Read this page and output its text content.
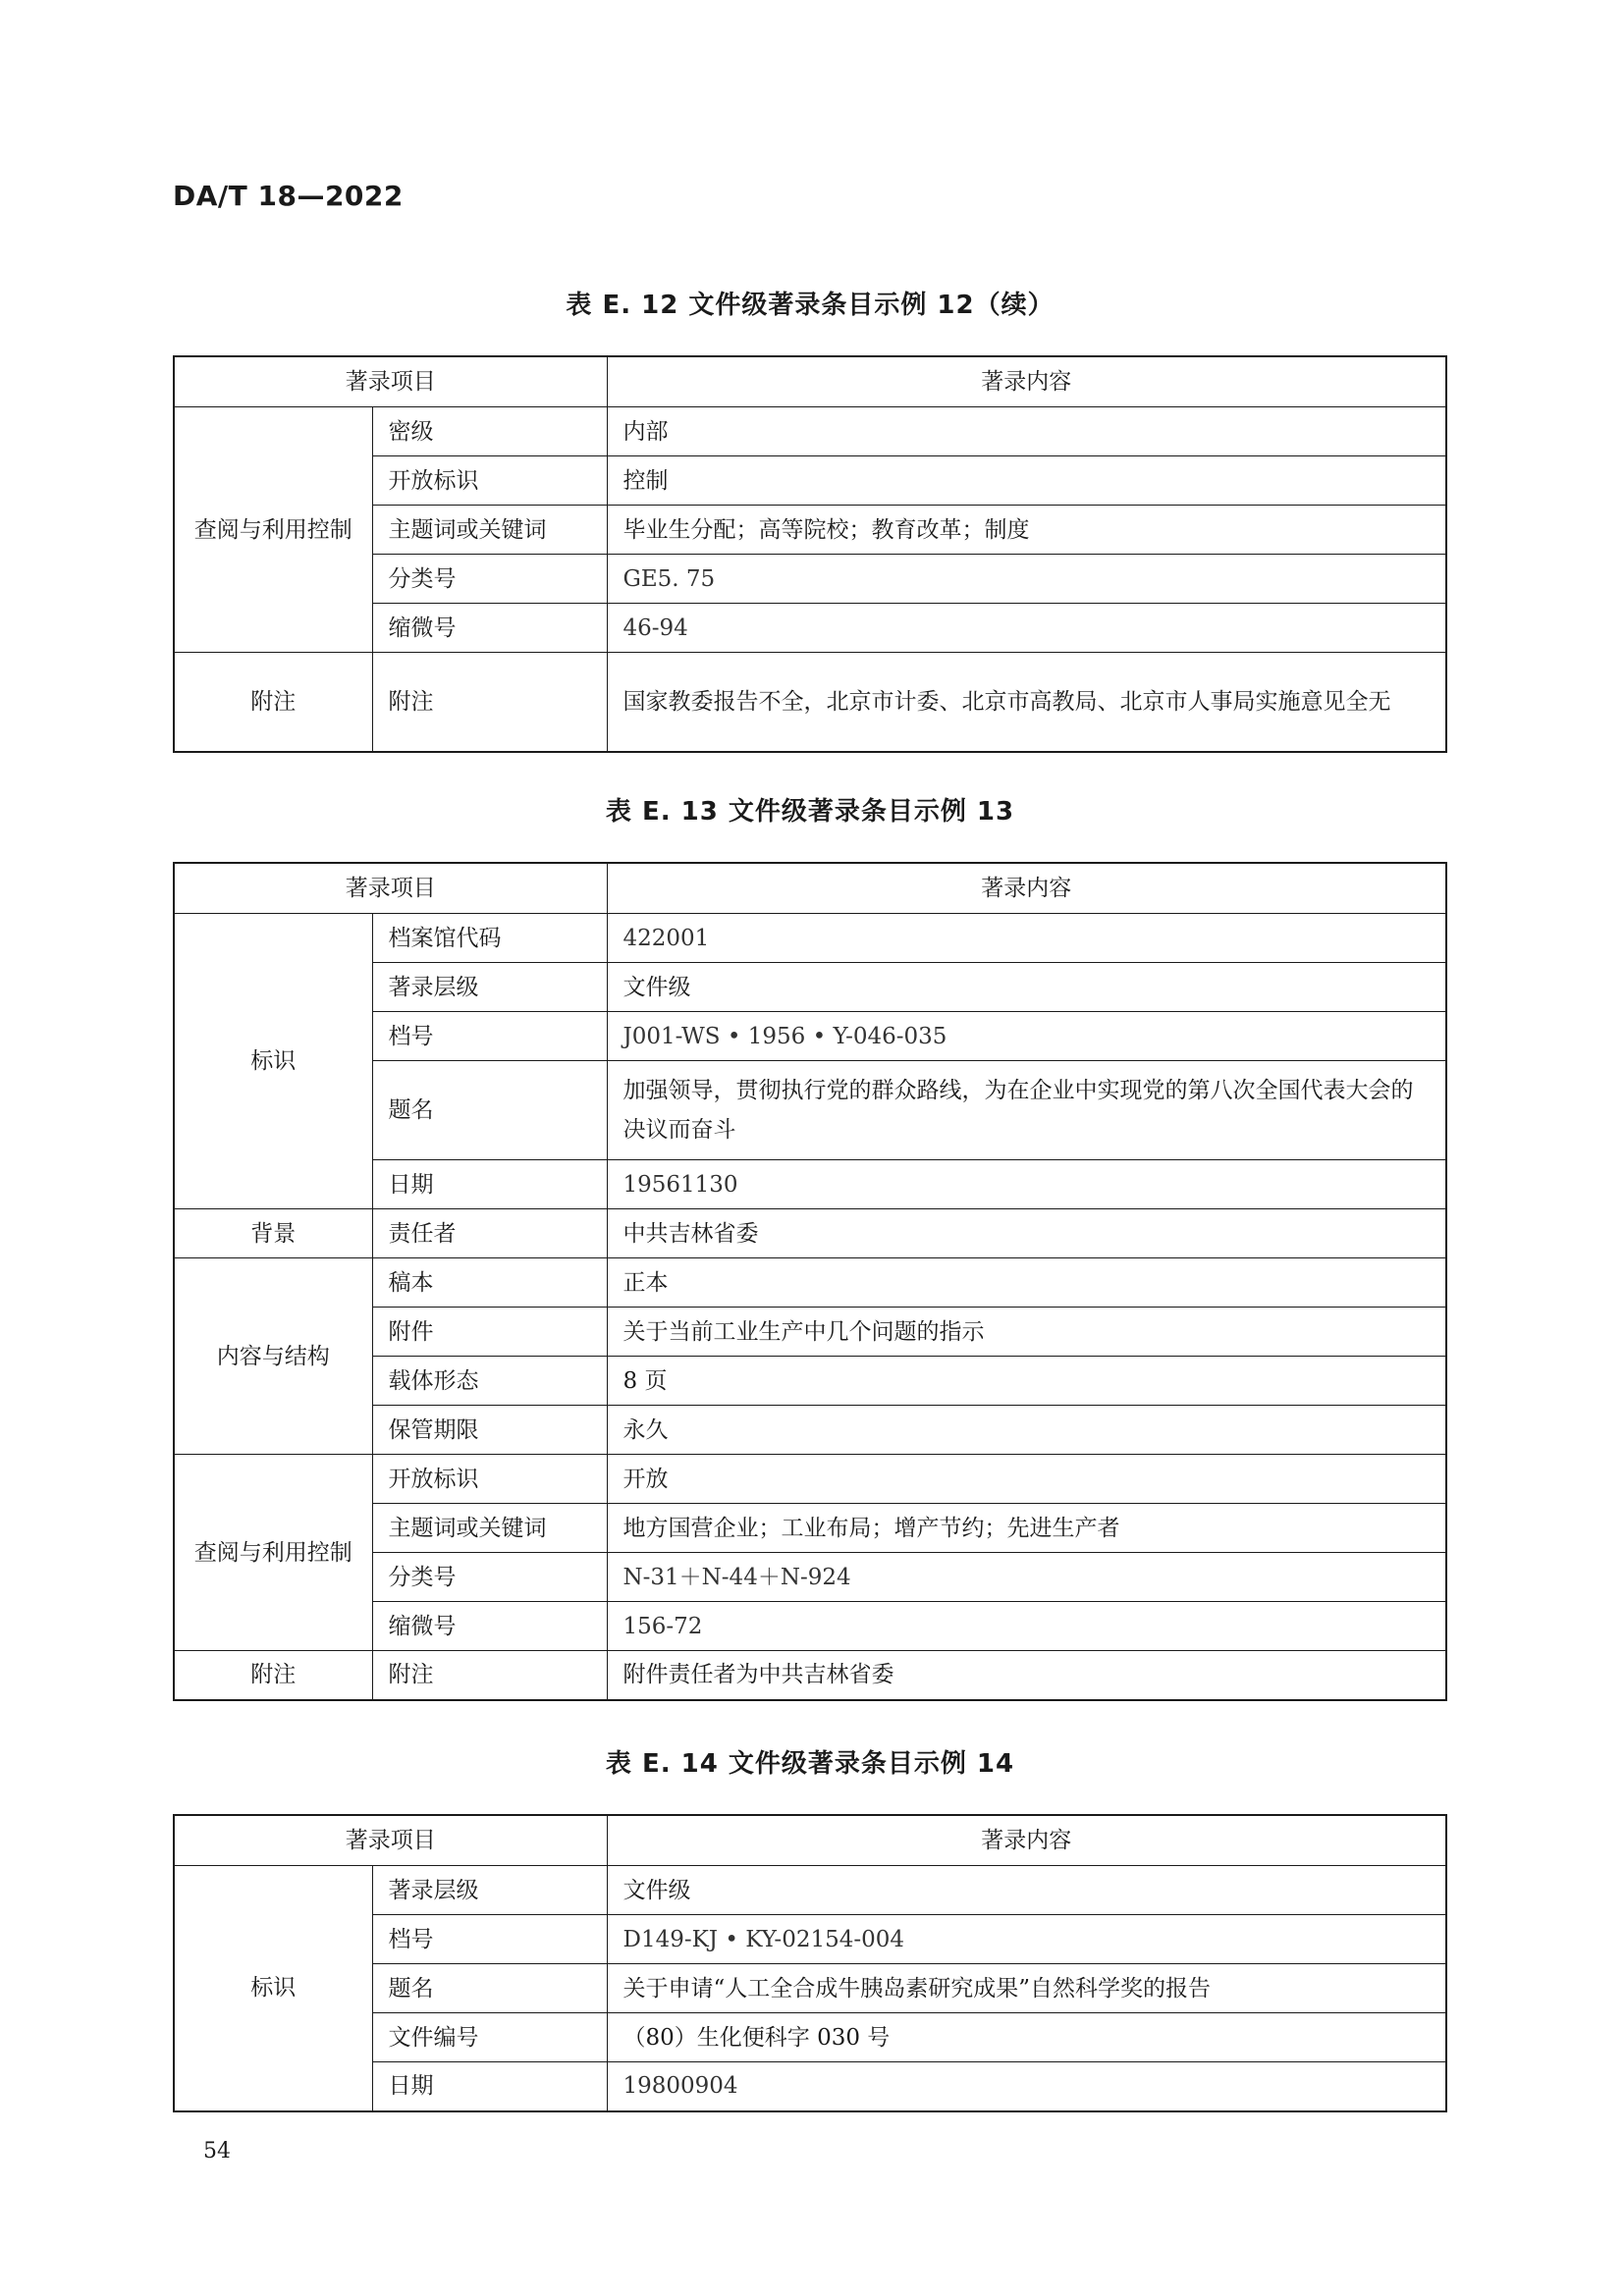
DA/T 18—2022
表 E. 12 文件级著录条目示例 12（续）
著录项目		著录内容
查阅与利用控制	密级	内部
	开放标识	控制
	主题词或关键词	毕业生分配；高等院校；教育改革；制度
	分类号	GE5. 75
	缩微号	46-94
附注	附注	国家教委报告不全，北京市计委、北京市高教局、北京市人事局实施意见全无
表 E. 13 文件级著录条目示例 13
著录项目		著录内容
标识	档案馆代码	422001
	著录层级	文件级
	档号	J001-WS • 1956 • Y-046-035
	题名	加强领导，贯彻执行党的群众路线，为在企业中实现党的第八次全国代表大会的决议而奋斗
	日期	19561130
背景	责任者	中共吉林省委
内容与结构	稿本	正本
	附件	关于当前工业生产中几个问题的指示
	载体形态	8 页
	保管期限	永久
查阅与利用控制	开放标识	开放
	主题词或关键词	地方国营企业；工业布局；增产节约；先进生产者
	分类号	N-31＋N-44＋N-924
	缩微号	156-72
附注	附注	附件责任者为中共吉林省委
表 E. 14 文件级著录条目示例 14
著录项目		著录内容
标识	著录层级	文件级
	档号	D149-KJ • KY-02154-004
	题名	关于申请“人工全合成牛胰岛素研究成果”自然科学奖的报告
	文件编号	（80）生化便科字 030 号
	日期	19800904
54
